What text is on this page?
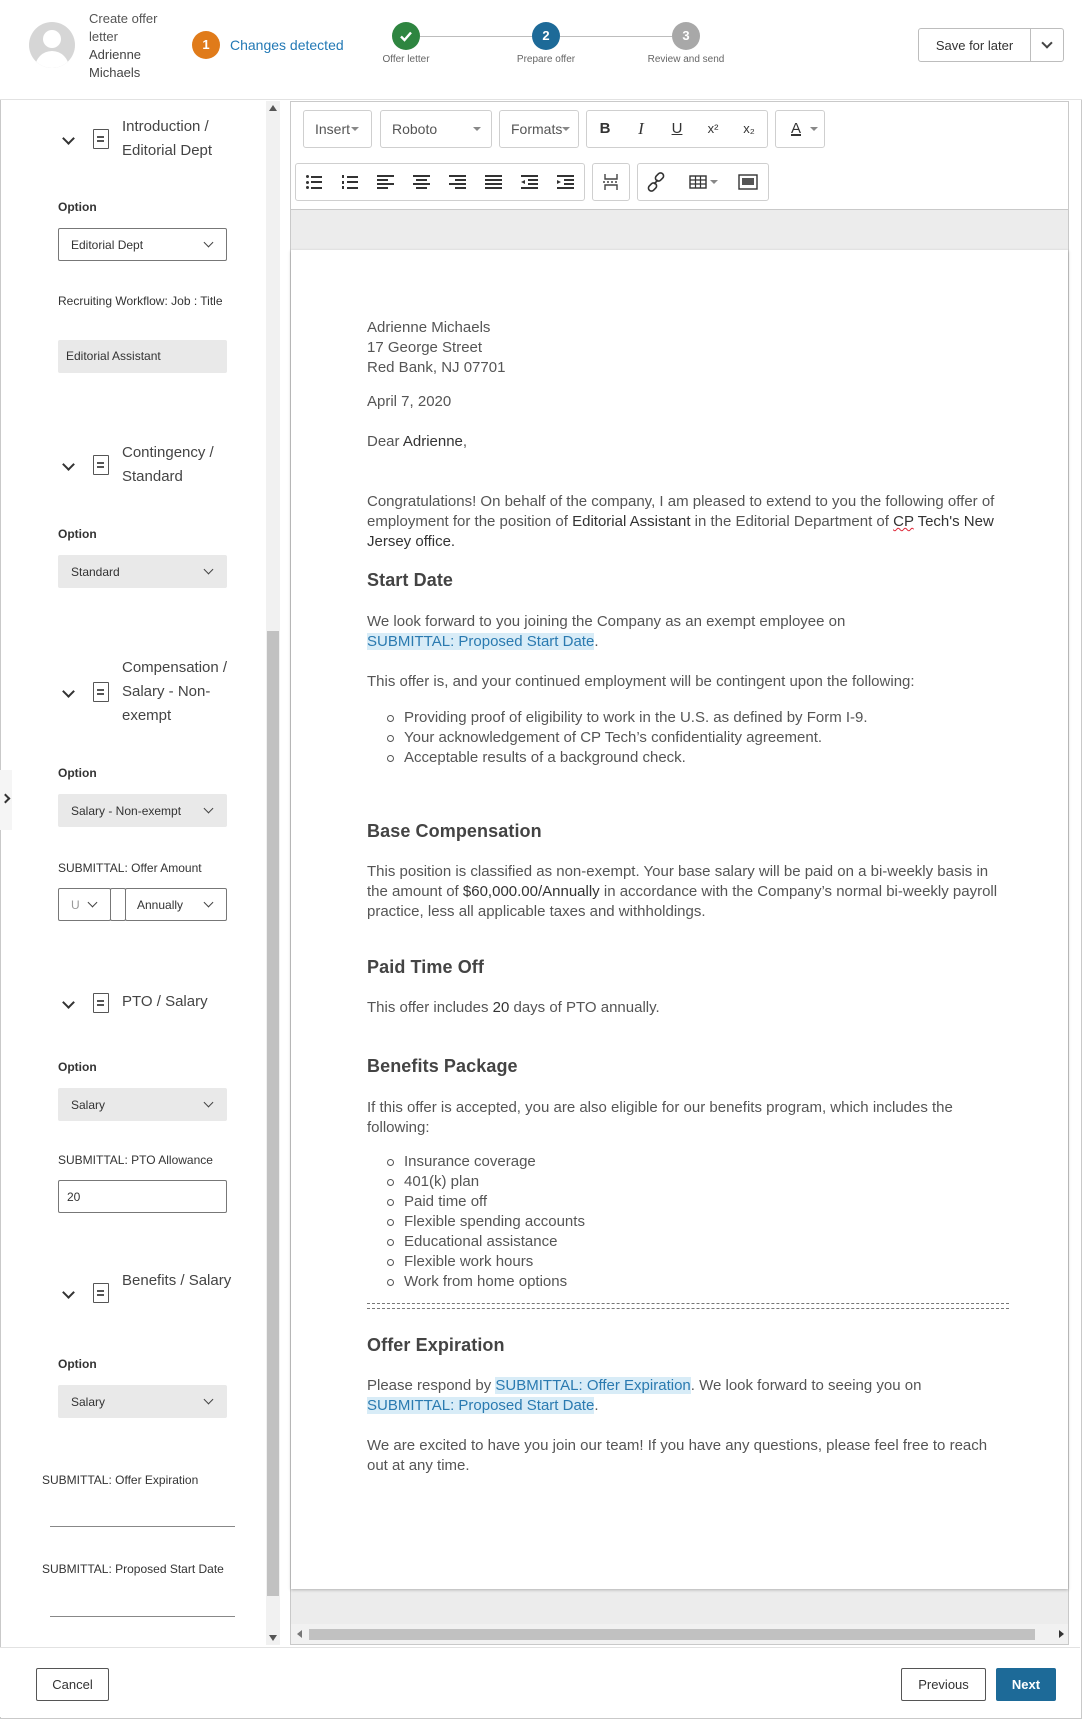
Create offer letter
Adrienne Michaels
1	Changes detected
Offer letter
2
Prepare offer
3
Review and send
Save for later
Introduction / Editorial Dept
Option
Editorial Dept
Recruiting Workflow: Job : Title
Editorial Assistant
Contingency / Standard
Option
Standard
Compensation / Salary - Non-exempt
Option
Salary - Non-exempt
SUBMITTAL: Offer Amount
U	Annually
PTO / Salary
Option
Salary
SUBMITTAL: PTO Allowance
20
Benefits / Salary
Option
Salary
SUBMITTAL: Offer Expiration
SUBMITTAL: Proposed Start Date
Insert	Roboto	Formats	B	I	U	x²	x₂	A
Adrienne Michaels
17 George Street
Red Bank, NJ 07701
April 7, 2020
Dear Adrienne,
Congratulations! On behalf of the company, I am pleased to extend to you the following offer of employment for the position of Editorial Assistant in the Editorial Department of CP Tech's New Jersey office.
Start Date
We look forward to you joining the Company as an exempt employee on
SUBMITTAL: Proposed Start Date.
This offer is, and your continued employment will be contingent upon the following:
Providing proof of eligibility to work in the U.S. as defined by Form I-9.
Your acknowledgement of CP Tech’s confidentiality agreement.
Acceptable results of a background check.
Base Compensation
This position is classified as non-exempt. Your base salary will be paid on a bi-weekly basis in the amount of $60,000.00/Annually in accordance with the Company’s normal bi-weekly payroll practice, less all applicable taxes and withholdings.
Paid Time Off
This offer includes 20 days of PTO annually.
Benefits Package
If this offer is accepted, you are also eligible for our benefits program, which includes the following:
Insurance coverage
401(k) plan
Paid time off
Flexible spending accounts
Educational assistance
Flexible work hours
Work from home options
Offer Expiration
Please respond by SUBMITTAL: Offer Expiration. We look forward to seeing you on
SUBMITTAL: Proposed Start Date.
We are excited to have you join our team! If you have any questions, please feel free to reach out at any time.
Cancel	Previous	Next
